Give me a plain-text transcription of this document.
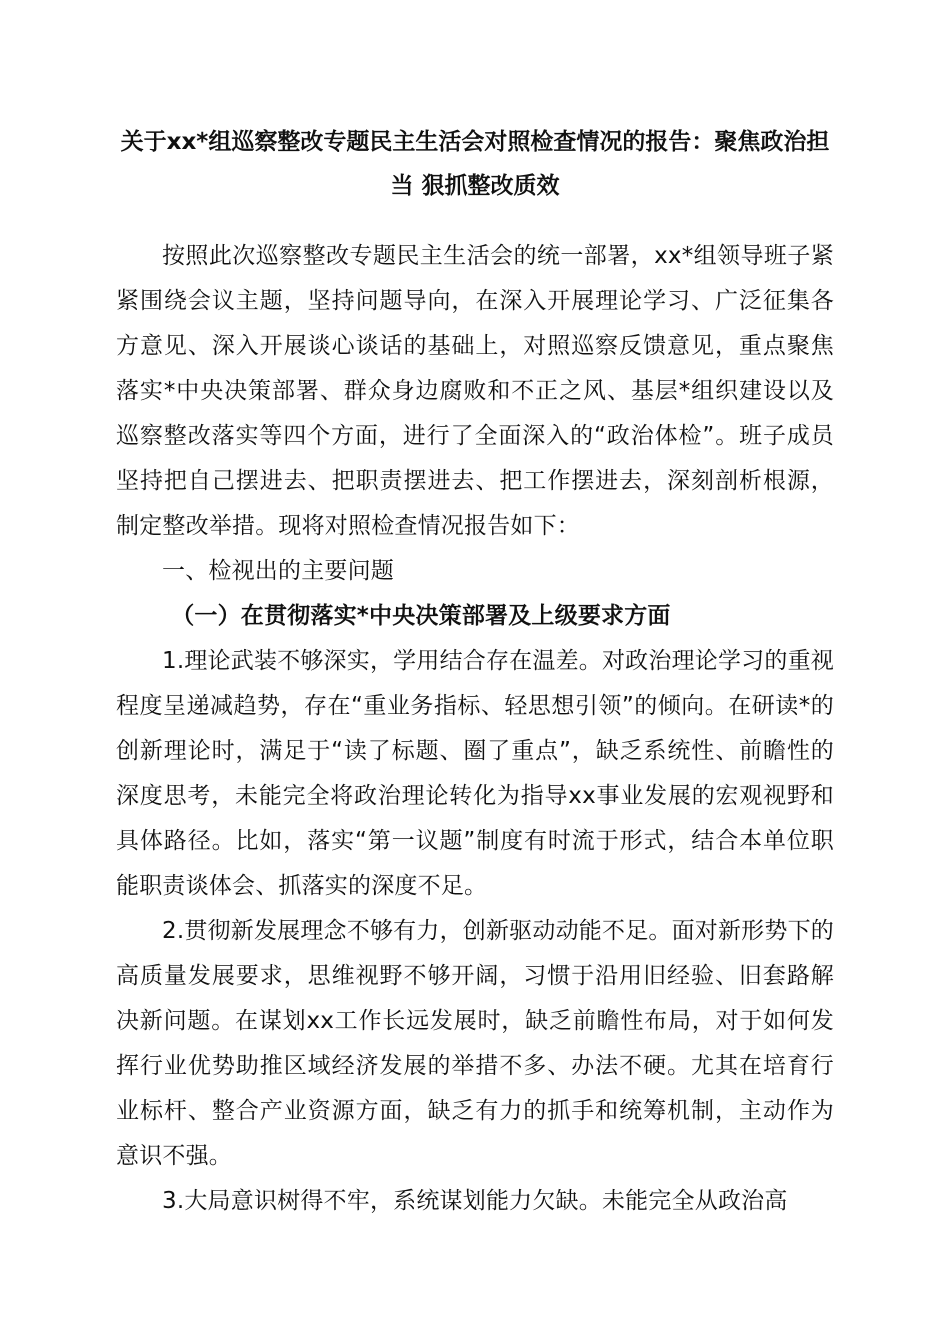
关于xx*组巡察整改专题民主生活会对照检查情况的报告：聚焦政治担当 狠抓整改质效

按照此次巡察整改专题民主生活会的统一部署，xx*组领导班子紧紧围绕会议主题，坚持问题导向，在深入开展理论学习、广泛征集各方意见、深入开展谈心谈话的基础上，对照巡察反馈意见，重点聚焦落实*中央决策部署、群众身边腐败和不正之风、基层*组织建设以及巡察整改落实等四个方面，进行了全面深入的“政治体检”。班子成员坚持把自己摆进去、把职责摆进去、把工作摆进去，深刻剖析根源，制定整改举措。现将对照检查情况报告如下：

一、检视出的主要问题

（一）在贯彻落实*中央决策部署及上级要求方面

1.理论武装不够深实，学用结合存在温差。对政治理论学习的重视程度呈递减趋势，存在“重业务指标、轻思想引领”的倾向。在研读*的创新理论时，满足于“读了标题、圈了重点”，缺乏系统性、前瞻性的深度思考，未能完全将政治理论转化为指导xx事业发展的宏观视野和具体路径。比如，落实“第一议题”制度有时流于形式，结合本单位职能职责谈体会、抓落实的深度不足。

2.贯彻新发展理念不够有力，创新驱动动能不足。面对新形势下的高质量发展要求，思维视野不够开阔，习惯于沿用旧经验、旧套路解决新问题。在谋划xx工作长远发展时，缺乏前瞻性布局，对于如何发挥行业优势助推区域经济发展的举措不多、办法不硬。尤其在培育行业标杆、整合产业资源方面，缺乏有力的抓手和统筹机制，主动作为意识不强。

3.大局意识树得不牢，系统谋划能力欠缺。未能完全从政治高
